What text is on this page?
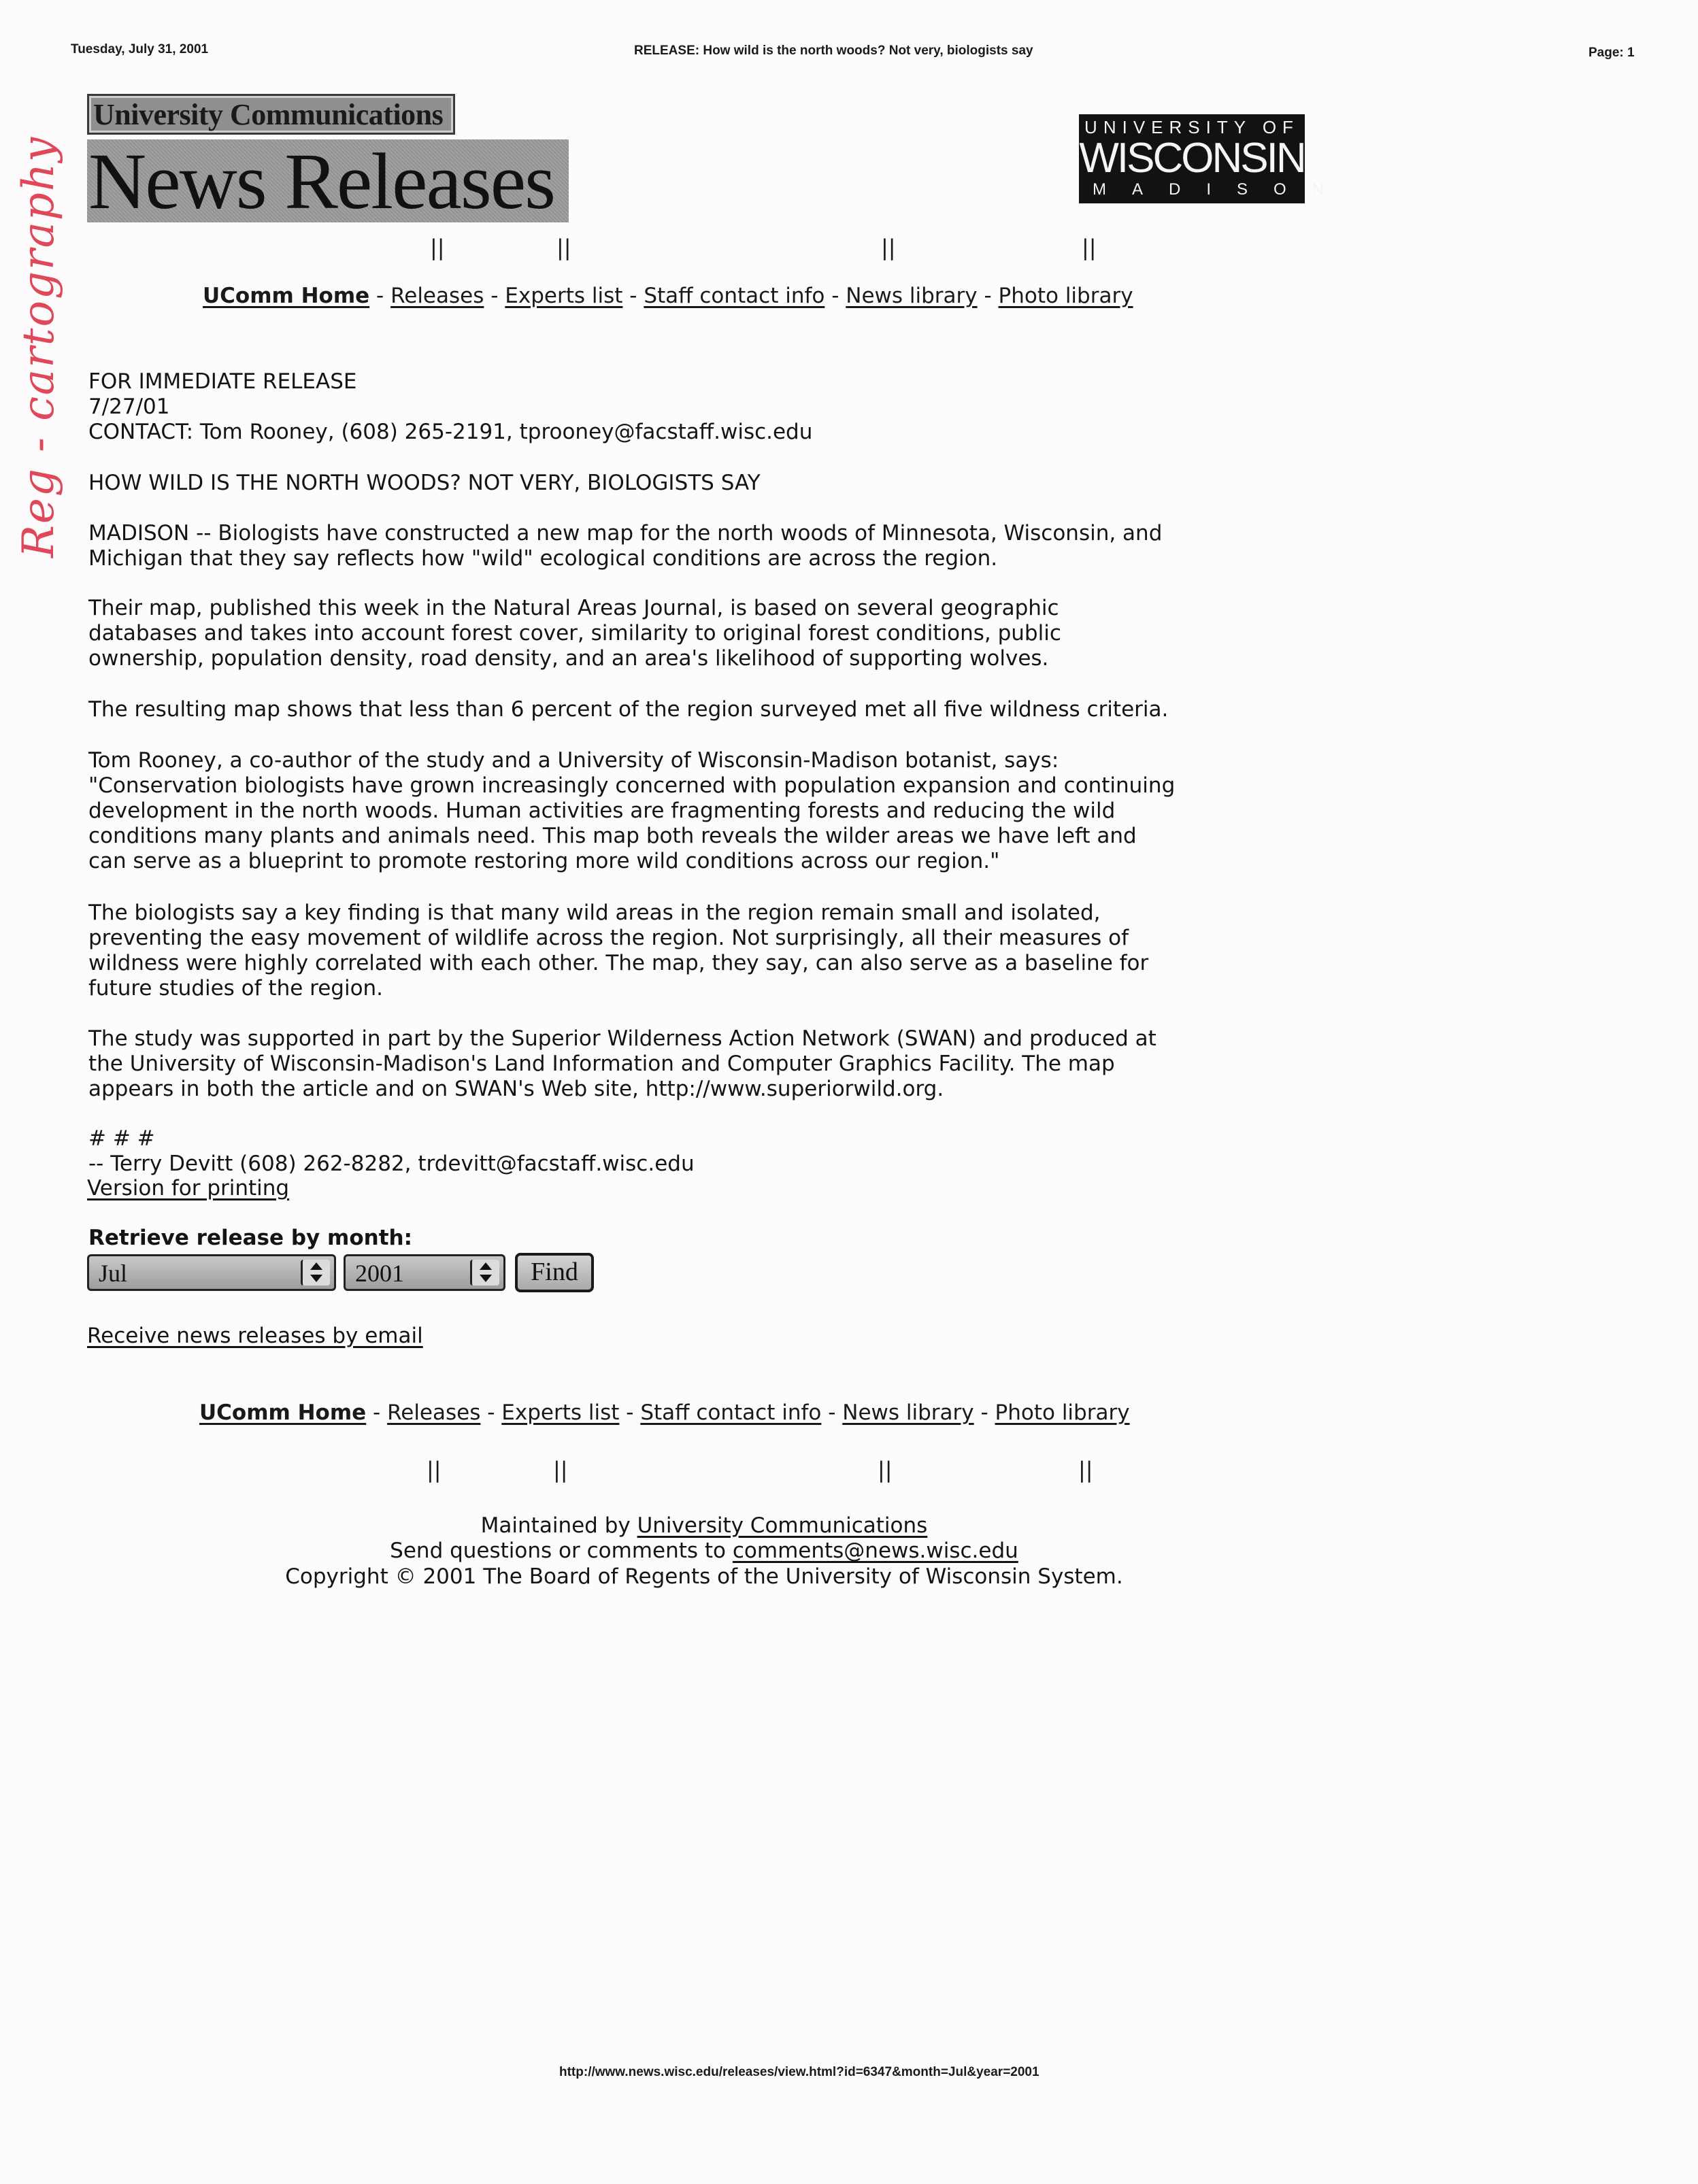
Tuesday, July 31, 2001	RELEASE: How wild is the north woods? Not very, biologists say	Page: 1
Reg - cartography
University Communications
News Releases
UNIVERSITY OF
WISCONSIN
MADISON
||	||	||	||
UComm Home - Releases - Experts list - Staff contact info - News library - Photo library
FOR IMMEDIATE RELEASE
7/27/01
CONTACT: Tom Rooney, (608) 265-2191, tprooney@facstaff.wisc.edu
HOW WILD IS THE NORTH WOODS? NOT VERY, BIOLOGISTS SAY
MADISON -- Biologists have constructed a new map for the north woods of Minnesota, Wisconsin, and
Michigan that they say reflects how "wild" ecological conditions are across the region.
Their map, published this week in the Natural Areas Journal, is based on several geographic
databases and takes into account forest cover, similarity to original forest conditions, public
ownership, population density, road density, and an area's likelihood of supporting wolves.
The resulting map shows that less than 6 percent of the region surveyed met all five wildness criteria.
Tom Rooney, a co-author of the study and a University of Wisconsin-Madison botanist, says:
"Conservation biologists have grown increasingly concerned with population expansion and continuing
development in the north woods. Human activities are fragmenting forests and reducing the wild
conditions many plants and animals need. This map both reveals the wilder areas we have left and
can serve as a blueprint to promote restoring more wild conditions across our region."
The biologists say a key finding is that many wild areas in the region remain small and isolated,
preventing the easy movement of wildlife across the region. Not surprisingly, all their measures of
wildness were highly correlated with each other. The map, they say, can also serve as a baseline for
future studies of the region.
The study was supported in part by the Superior Wilderness Action Network (SWAN) and produced at
the University of Wisconsin-Madison's Land Information and Computer Graphics Facility. The map
appears in both the article and on SWAN's Web site, http://www.superiorwild.org.
# # #
-- Terry Devitt (608) 262-8282, trdevitt@facstaff.wisc.edu
Version for printing
Retrieve release by month:
Jul	2001	Find
Receive news releases by email
UComm Home - Releases - Experts list - Staff contact info - News library - Photo library
||	||	||	||
Maintained by University Communications
Send questions or comments to comments@news.wisc.edu
Copyright © 2001 The Board of Regents of the University of Wisconsin System.
http://www.news.wisc.edu/releases/view.html?id=6347&month=Jul&year=2001
